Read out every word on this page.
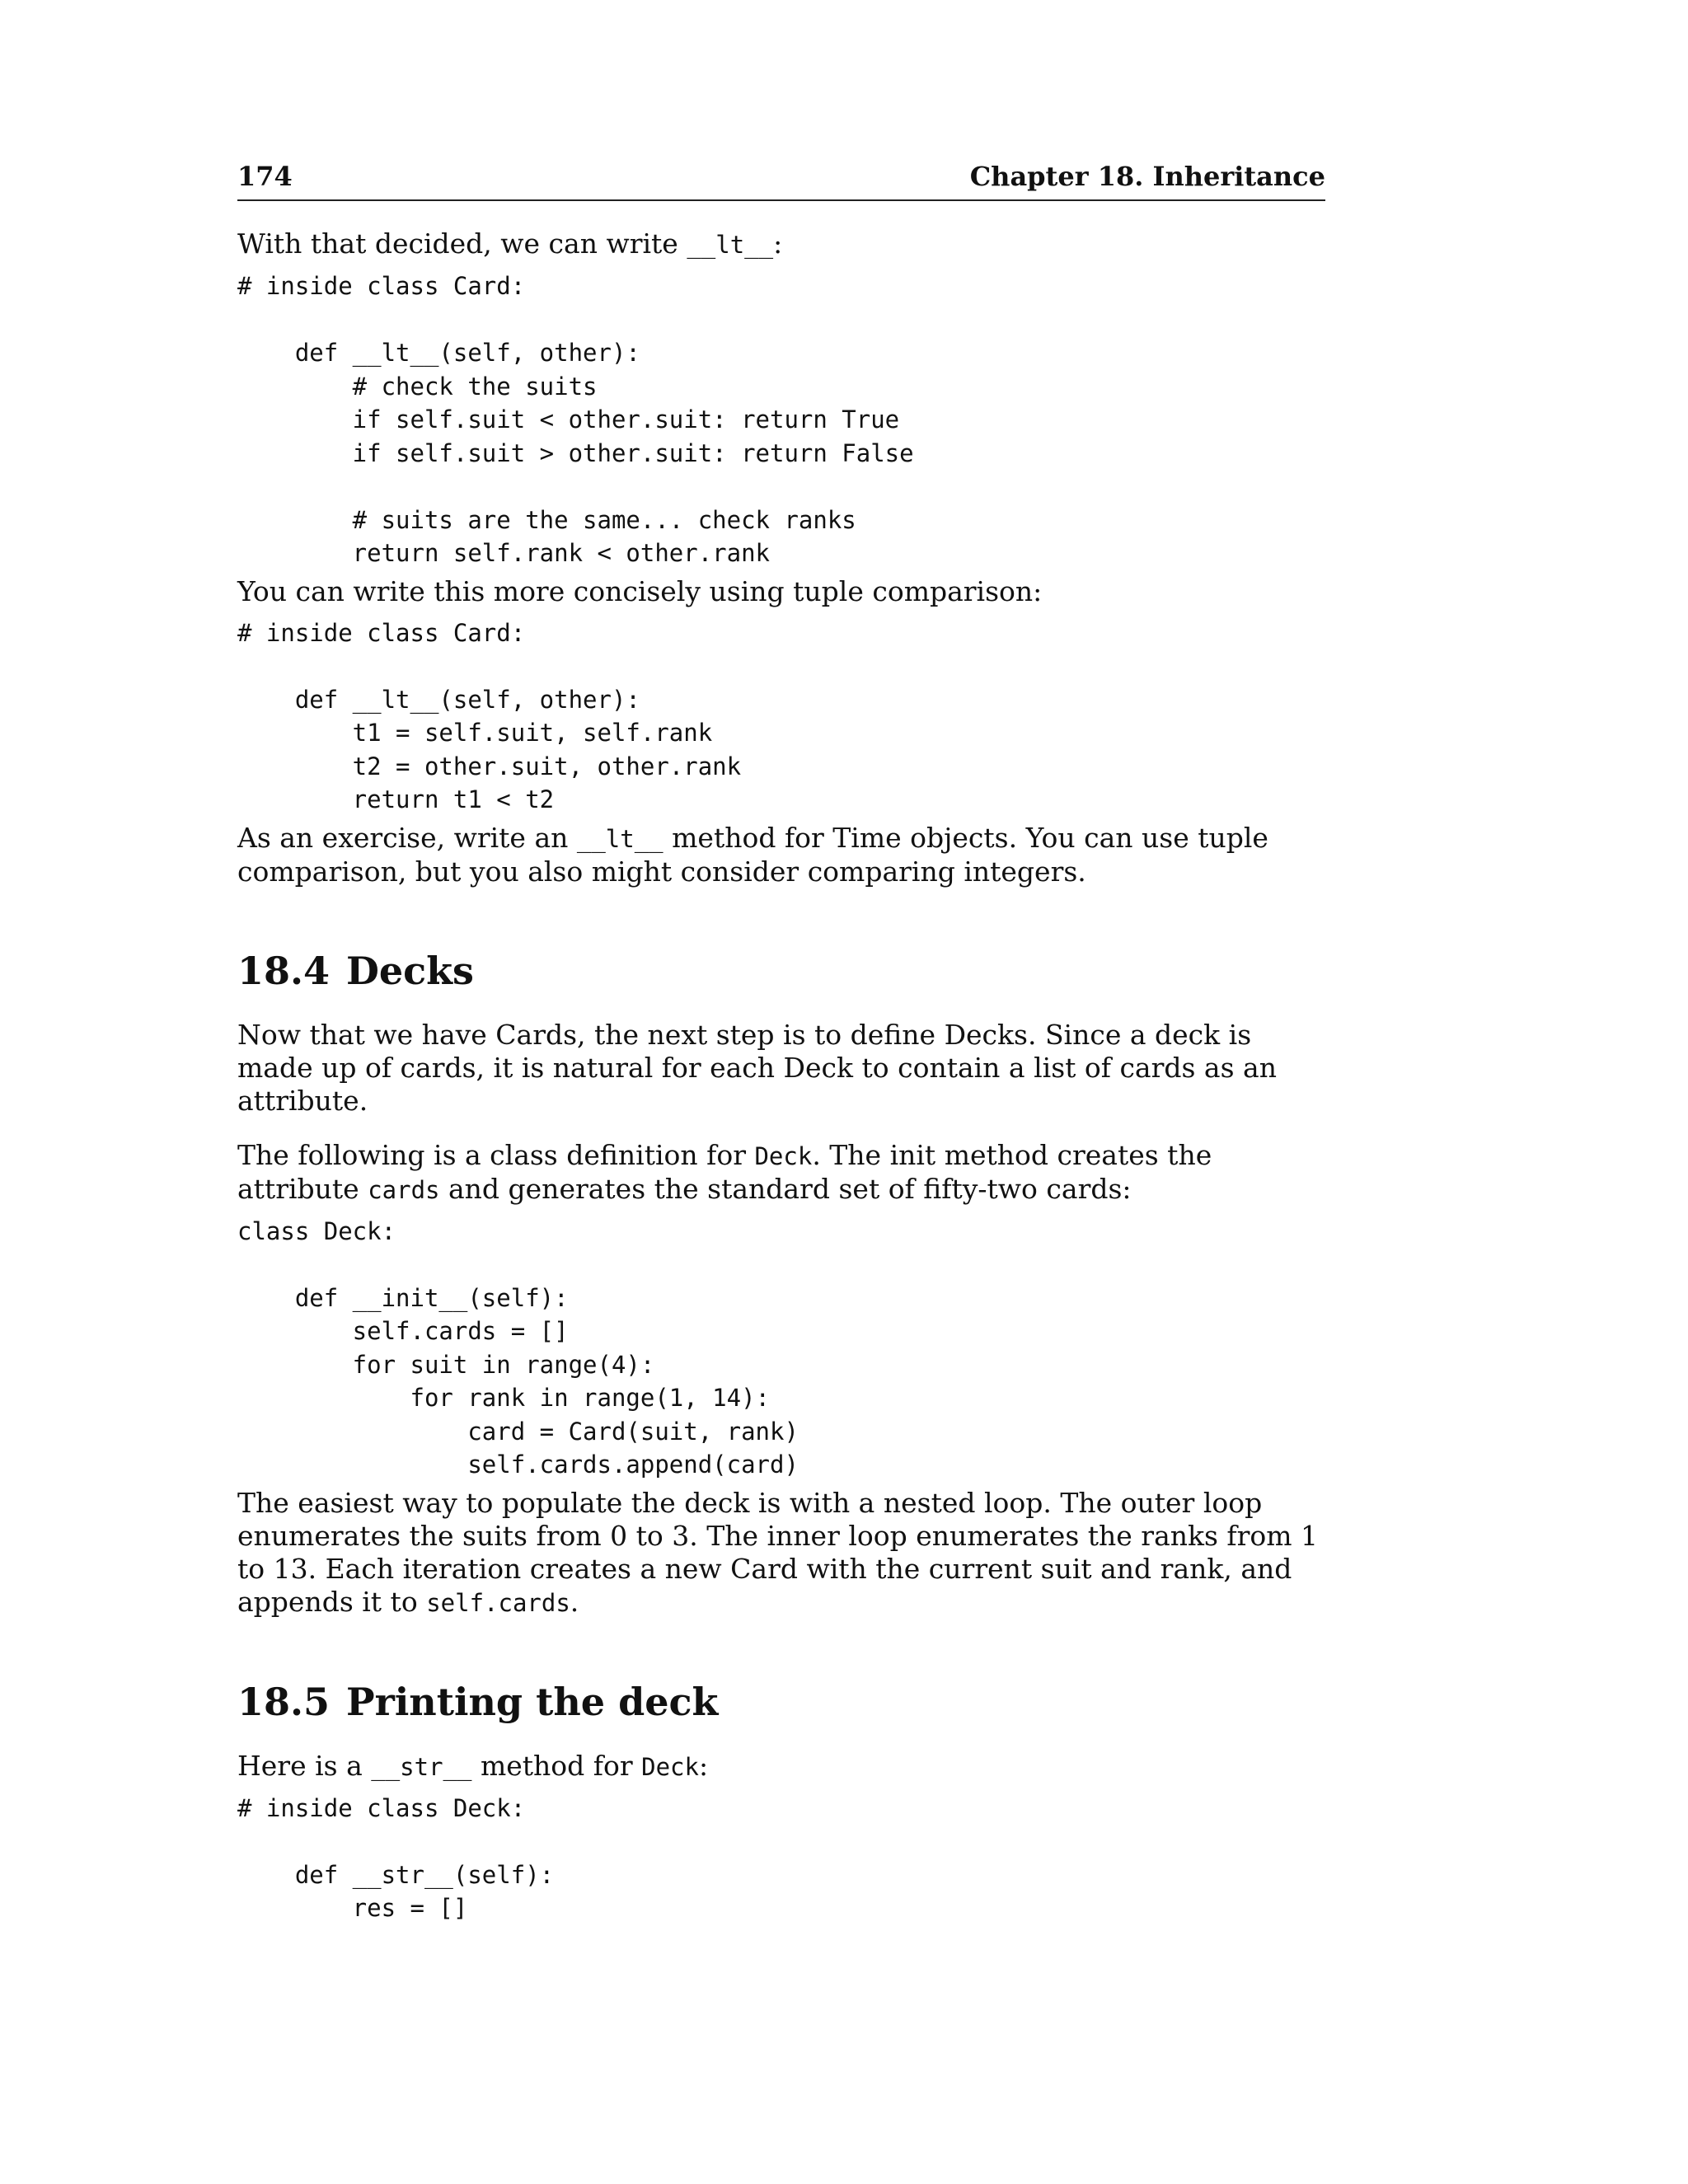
174	Chapter 18. Inheritance

With that decided, we can write __lt__:

# inside class Card:

def __lt__(self, other):
# check the suits
if self.suit < other.suit: return True
if self.suit > other.suit: return False

# suits are the same... check ranks
return self.rank < other.rank

You can write this more concisely using tuple comparison:

# inside class Card:

def __lt__(self, other):
t1 = self.suit, self.rank
t2 = other.suit, other.rank
return t1 < t2

As an exercise, write an __lt__ method for Time objects. You can use tuple comparison, but you also might consider comparing integers.

18.4 Decks

Now that we have Cards, the next step is to define Decks. Since a deck is made up of cards, it is natural for each Deck to contain a list of cards as an attribute.

The following is a class definition for Deck. The init method creates the attribute cards and generates the standard set of fifty-two cards:

class Deck:

def __init__(self):
self.cards = []
for suit in range(4):
for rank in range(1, 14):
card = Card(suit, rank)
self.cards.append(card)

The easiest way to populate the deck is with a nested loop. The outer loop enumerates the suits from 0 to 3. The inner loop enumerates the ranks from 1 to 13. Each iteration creates a new Card with the current suit and rank, and appends it to self.cards.

18.5 Printing the deck

Here is a __str__ method for Deck:

# inside class Deck:

def __str__(self):
res = []
